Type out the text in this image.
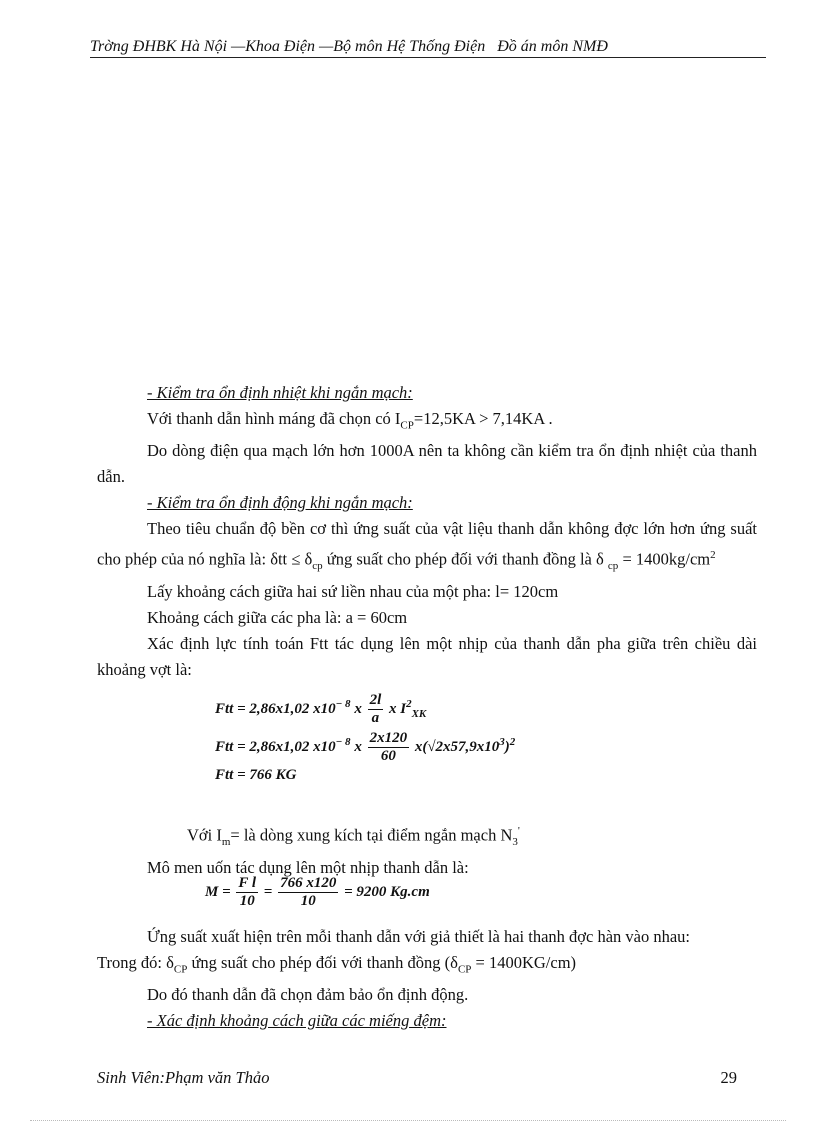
Trờng ĐHBK Hà Nội —Khoa Điện —Bộ môn Hệ Thống Điện Đồ án môn NMĐ

- Kiểm tra ổn định nhiệt khi ngắn mạch:

Với thanh dẫn hình máng đã chọn có $I_{CP}=12,5KA > 7,14KA$ .

Do dòng điện qua mạch lớn hơn 1000A nên ta không cần kiểm tra ổn định nhiệt của thanh dẫn.

- Kiểm tra ổn định động khi ngắn mạch:

Theo tiêu chuẩn độ bền cơ thì ứng suất của vật liệu thanh dẫn không đợc lớn hơn ứng suất cho phép của nó nghĩa là: $\delta tt \le \delta_{cp}$ ứng suất cho phép đối với thanh đồng là δ $_{cp} = 1400kg/cm^2$

Lấy khoảng cách giữa hai sứ liền nhau của một pha: l= 120cm

Khoảng cách giữa các pha là: a = 60cm

Xác định lực tính toán Ftt tác dụng lên một nhịp của thanh dẫn pha giữa trên chiều dài khoảng vợt là:

Ftt = 2,86x1,02 $x10^{- 8}$ x $\frac{2l}{a}$ x $I^2_{XK}$
Ftt = 2,86x1,02 $x10^{- 8}$ x $\frac{2x120}{60} x(√2x57,9x10^3)^2$
Ftt = 766 KG

Với $I_m=$ là dòng xung kích tại điểm ngắn mạch $N_3'$

Mô men uốn tác dụng lên một nhịp thanh dẫn là:

$M = \frac{\text{F l}}{10} = \frac{766 x120}{10} = 9200$ Kg.cm

Ứng suất xuất hiện trên mỗi thanh dẫn với giả thiết là hai thanh đợc hàn vào nhau:

Trong đó: $\delta_{CP}$ ứng suất cho phép đối với thanh đồng $(\delta_{CP} = 1400KG/cm)$

Do đó thanh dẫn đã chọn đảm bảo ổn định động.

- Xác định khoảng cách giữa các miếng đệm:

Sinh Viên:Phạm văn Thảo	29
